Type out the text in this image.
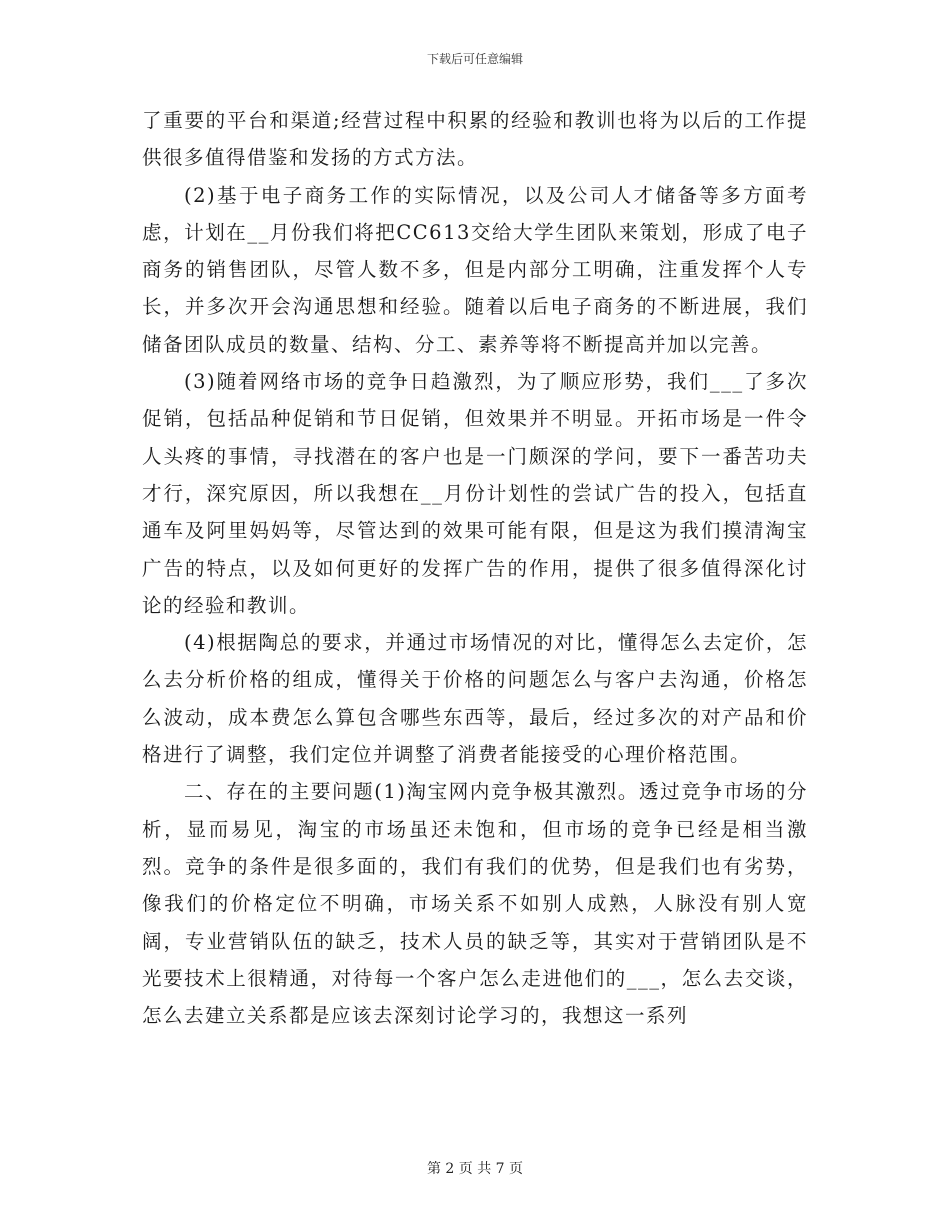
下载后可任意编辑

了重要的平台和渠道;经营过程中积累的经验和教训也将为以后的工作提供很多值得借鉴和发扬的方式方法。

(2)基于电子商务工作的实际情况，以及公司人才储备等多方面考虑，计划在__月份我们将把CC613交给大学生团队来策划，形成了电子商务的销售团队，尽管人数不多，但是内部分工明确，注重发挥个人专长，并多次开会沟通思想和经验。随着以后电子商务的不断进展，我们储备团队成员的数量、结构、分工、素养等将不断提高并加以完善。

(3)随着网络市场的竞争日趋激烈，为了顺应形势，我们___了多次促销，包括品种促销和节日促销，但效果并不明显。开拓市场是一件令人头疼的事情，寻找潜在的客户也是一门颇深的学问，要下一番苦功夫才行，深究原因，所以我想在__月份计划性的尝试广告的投入，包括直通车及阿里妈妈等，尽管达到的效果可能有限，但是这为我们摸清淘宝广告的特点，以及如何更好的发挥广告的作用，提供了很多值得深化讨论的经验和教训。

(4)根据陶总的要求，并通过市场情况的对比，懂得怎么去定价，怎么去分析价格的组成，懂得关于价格的问题怎么与客户去沟通，价格怎么波动，成本费怎么算包含哪些东西等，最后，经过多次的对产品和价格进行了调整，我们定位并调整了消费者能接受的心理价格范围。

二、存在的主要问题(1)淘宝网内竞争极其激烈。透过竞争市场的分析，显而易见，淘宝的市场虽还未饱和，但市场的竞争已经是相当激烈。竞争的条件是很多面的，我们有我们的优势，但是我们也有劣势，像我们的价格定位不明确，市场关系不如别人成熟，人脉没有别人宽阔，专业营销队伍的缺乏，技术人员的缺乏等，其实对于营销团队是不光要技术上很精通，对待每一个客户怎么走进他们的___，怎么去交谈，怎么去建立关系都是应该去深刻讨论学习的，我想这一系列

第 2 页 共 7 页
